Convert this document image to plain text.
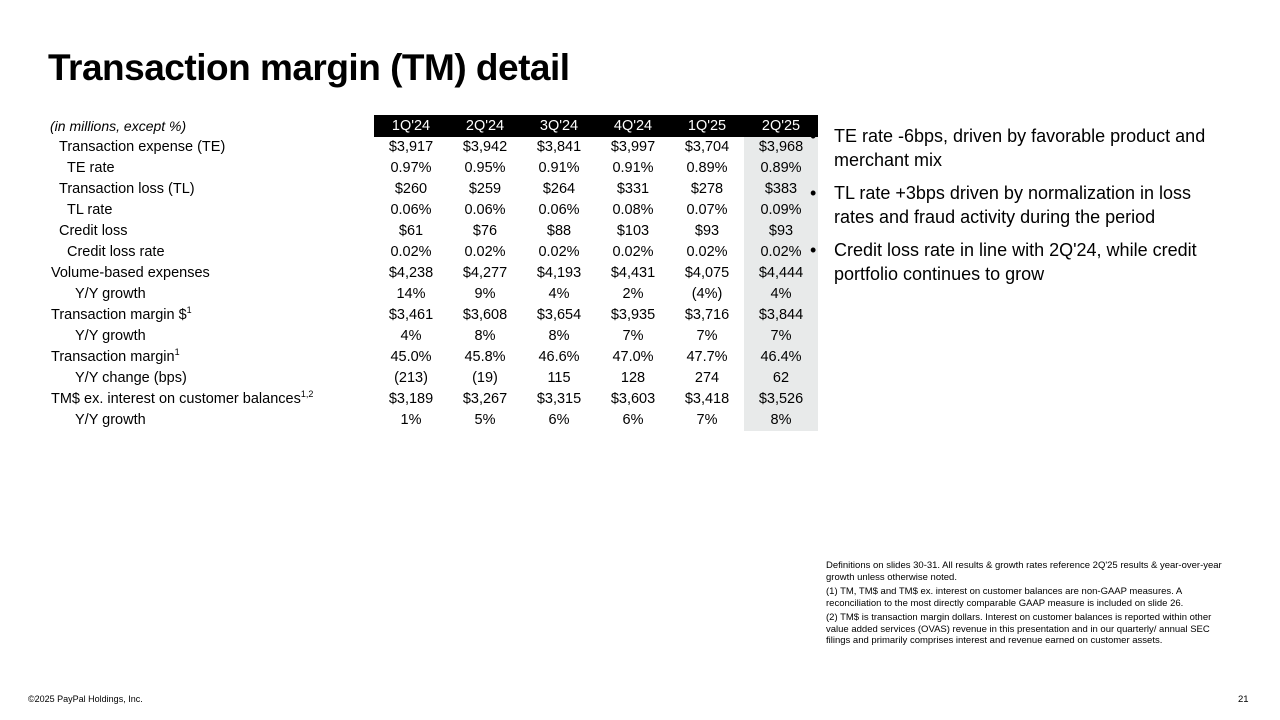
Transaction margin (TM) detail
(in millions, except %)	1Q'24	2Q'24	3Q'24	4Q'24	1Q'25	2Q'25
Transaction expense (TE)	$3,917	$3,942	$3,841	$3,997	$3,704	$3,968
TE rate	0.97%	0.95%	0.91%	0.91%	0.89%	0.89%
Transaction loss (TL)	$260	$259	$264	$331	$278	$383
TL rate	0.06%	0.06%	0.06%	0.08%	0.07%	0.09%
Credit loss	$61	$76	$88	$103	$93	$93
Credit loss rate	0.02%	0.02%	0.02%	0.02%	0.02%	0.02%
Volume-based expenses	$4,238	$4,277	$4,193	$4,431	$4,075	$4,444
Y/Y growth	14%	9%	4%	2%	(4%)	4%
Transaction margin \$$^1$	$3,461	$3,608	$3,654	$3,935	$3,716	$3,844
Y/Y growth	4%	8%	8%	7%	7%	7%
Transaction margin$^1$	45.0%	45.8%	46.6%	47.0%	47.7%	46.4%
Y/Y change (bps)	(213)	(19)	115	128	274	62
TM$ ex. interest on customer balances$^{1,2}$	$3,189	$3,267	$3,315	$3,603	$3,418	$3,526
Y/Y growth	1%	5%	6%	6%	7%	8%
• TE rate -6bps, driven by favorable product and merchant mix
• TL rate +3bps driven by normalization in loss rates and fraud activity during the period
• Credit loss rate in line with 2Q'24, while credit portfolio continues to grow

Definitions on slides 30-31. All results & growth rates reference 2Q'25 results & year-over-year growth unless otherwise noted.

(1) TM, TM$ and TM$ ex. interest on customer balances are non-GAAP measures. A reconciliation to the most directly comparable GAAP measure is included on slide 26.

(2) TM$ is transaction margin dollars. Interest on customer balances is reported within other value added services (OVAS) revenue in this presentation and in our quarterly/ annual SEC filings and primarily comprises interest and revenue earned on customer assets.

©2025 PayPal Holdings, Inc.	21
